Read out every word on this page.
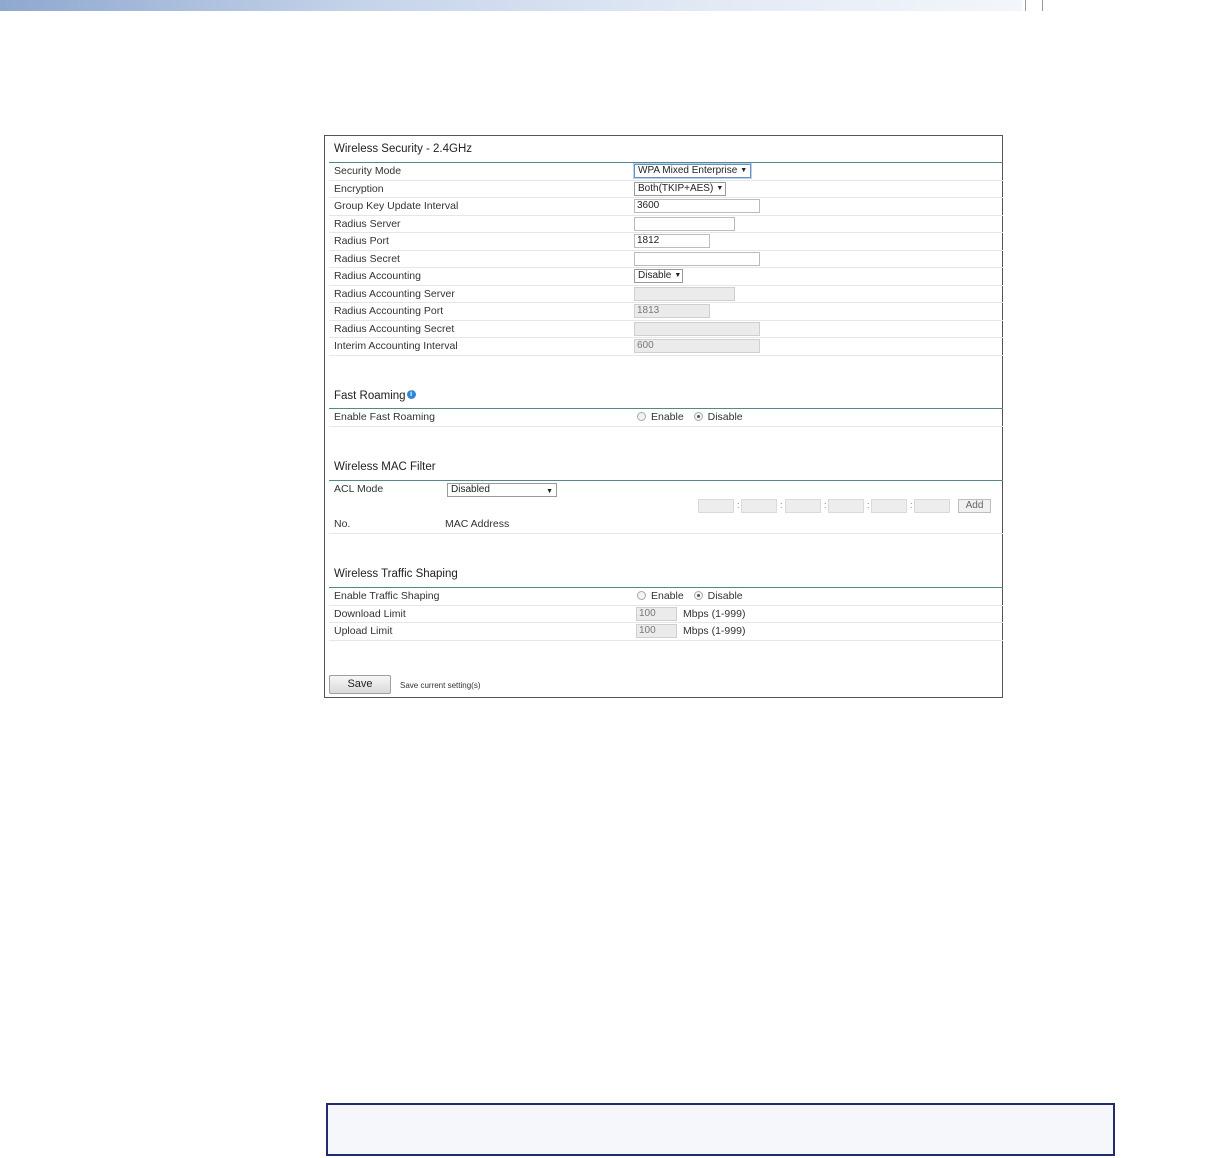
Wireless Security - 2.4GHz
Security Mode	WPA Mixed Enterprise ▼
Encryption	Both(TKIP+AES) ▼
Group Key Update Interval	3600
Radius Server
Radius Port	1812
Radius Secret
Radius Accounting	Disable ▼
Radius Accounting Server
Radius Accounting Port	1813
Radius Accounting Secret
Interim Accounting Interval	600
Fast Roaming i
Enable Fast Roaming	Enable Disable
Wireless MAC Filter
ACL Mode	Disabled	▼
:	:	:	:	:	Add
No.	MAC Address
Wireless Traffic Shaping
Enable Traffic Shaping	Enable Disable
Download Limit	100	Mbps (1-999)
Upload Limit	100	Mbps (1-999)
Save	Save current setting(s)
